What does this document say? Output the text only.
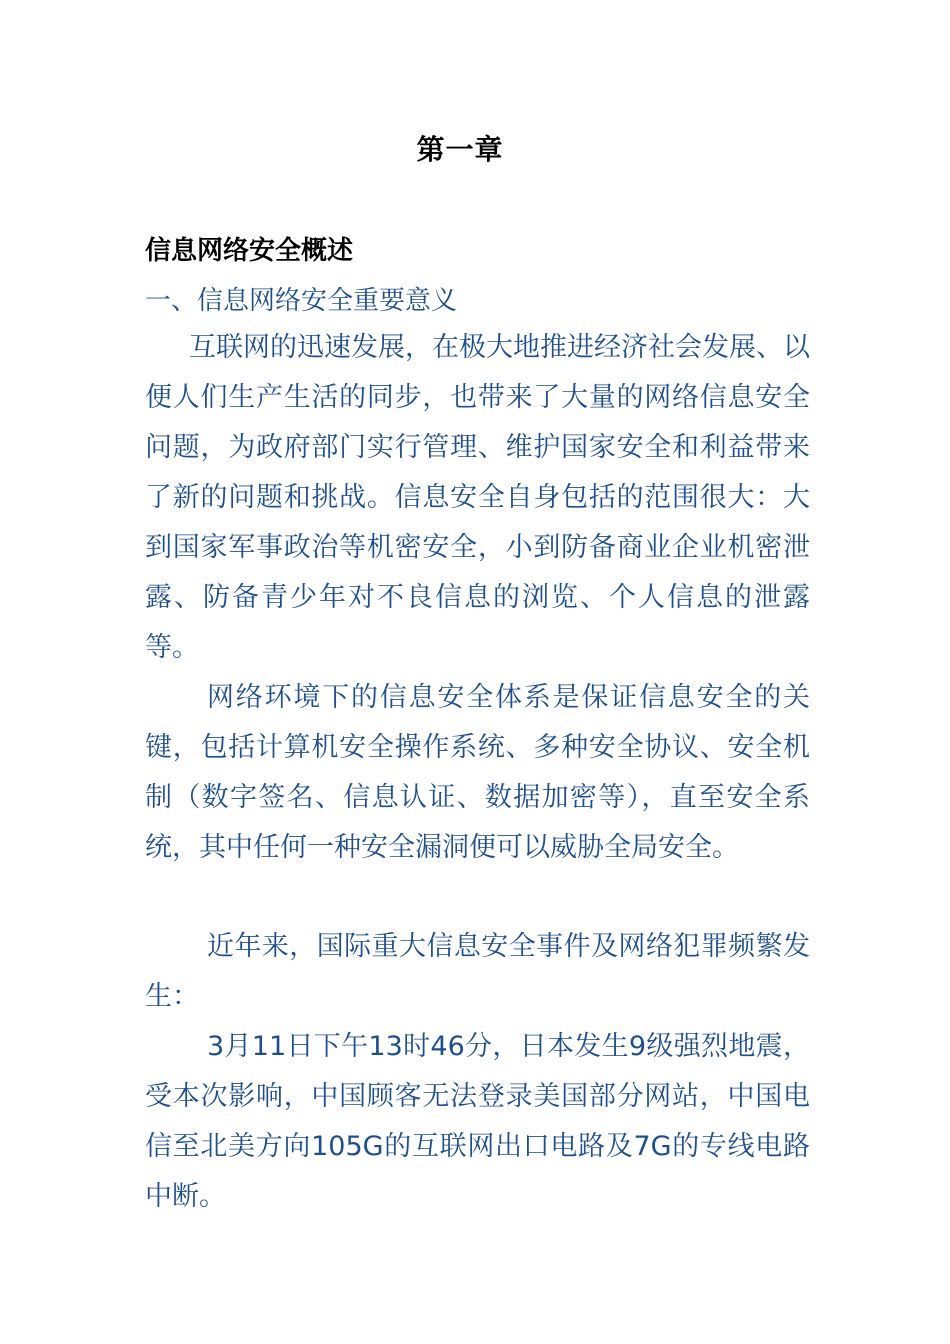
第一章
信息网络安全概述
一、信息网络安全重要意义

互联网的迅速发展，在极大地推进经济社会发展、以便人们生产生活的同步，也带来了大量的网络信息安全问题，为政府部门实行管理、维护国家安全和利益带来了新的问题和挑战。信息安全自身包括的范围很大：大到国家军事政治等机密安全，小到防备商业企业机密泄露、防备青少年对不良信息的浏览、个人信息的泄露等。

网络环境下的信息安全体系是保证信息安全的关键，包括计算机安全操作系统、多种安全协议、安全机制（数字签名、信息认证、数据加密等），直至安全系统，其中任何一种安全漏洞便可以威胁全局安全。

近年来，国际重大信息安全事件及网络犯罪频繁发生：

3月11日下午13时46分，日本发生9级强烈地震，受本次影响，中国顾客无法登录美国部分网站，中国电信至北美方向105G的互联网出口电路及7G的专线电路中断。
